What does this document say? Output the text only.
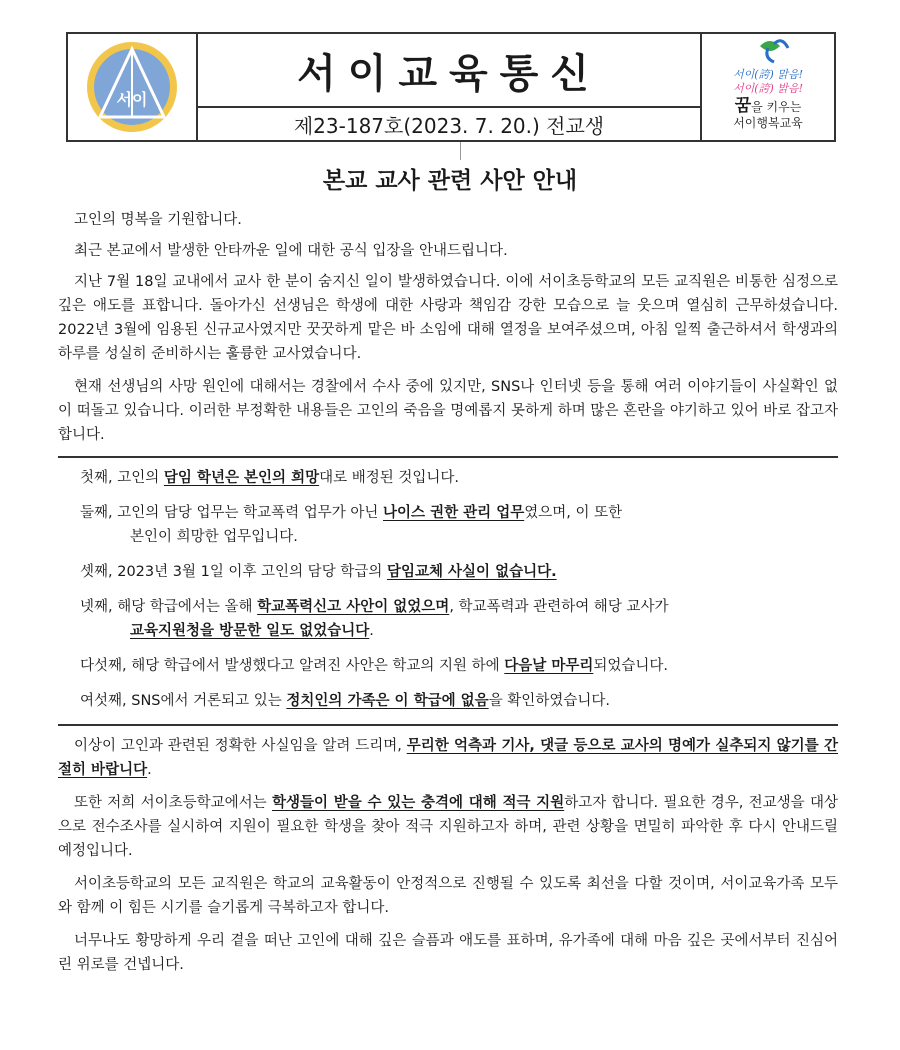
서이
서이교육통신
제23-187호(2023. 7. 20.) 전교생
서이(誇) 맑음!
서이(誇) 밝음!
꿈을 키우는
서이행복교육
본교 교사 관련 사안 안내

고인의 명복을 기원합니다.

최근 본교에서 발생한 안타까운 일에 대한 공식 입장을 안내드립니다.

지난 7월 18일 교내에서 교사 한 분이 숨지신 일이 발생하였습니다. 이에 서이초등학교의 모든 교직원은 비통한 심정으로 깊은 애도를 표합니다. 돌아가신 선생님은 학생에 대한 사랑과 책임감 강한 모습으로 늘 웃으며 열심히 근무하셨습니다. 2022년 3월에 임용된 신규교사였지만 꿋꿋하게 맡은 바 소임에 대해 열정을 보여주셨으며, 아침 일찍 출근하셔서 학생과의 하루를 성실히 준비하시는 훌륭한 교사였습니다.

현재 선생님의 사망 원인에 대해서는 경찰에서 수사 중에 있지만, SNS나 인터넷 등을 통해 여러 이야기들이 사실확인 없이 떠돌고 있습니다. 이러한 부정확한 내용들은 고인의 죽음을 명예롭지 못하게 하며 많은 혼란을 야기하고 있어 바로 잡고자 합니다.

첫째, 고인의 담임 학년은 본인의 희망대로 배정된 것입니다.
둘째, 고인의 담당 업무는 학교폭력 업무가 아닌 나이스 권한 관리 업무였으며, 이 또한
본인이 희망한 업무입니다.
셋째, 2023년 3월 1일 이후 고인의 담당 학급의 담임교체 사실이 없습니다.
넷째, 해당 학급에서는 올해 학교폭력신고 사안이 없었으며, 학교폭력과 관련하여 해당 교사가
교육지원청을 방문한 일도 없었습니다.
다섯째, 해당 학급에서 발생했다고 알려진 사안은 학교의 지원 하에 다음날 마무리되었습니다.
여섯째, SNS에서 거론되고 있는 정치인의 가족은 이 학급에 없음을 확인하였습니다.

이상이 고인과 관련된 정확한 사실임을 알려 드리며, 무리한 억측과 기사, 댓글 등으로 교사의 명예가 실추되지 않기를 간절히 바랍니다.

또한 저희 서이초등학교에서는 학생들이 받을 수 있는 충격에 대해 적극 지원하고자 합니다. 필요한 경우, 전교생을 대상으로 전수조사를 실시하여 지원이 필요한 학생을 찾아 적극 지원하고자 하며, 관련 상황을 면밀히 파악한 후 다시 안내드릴 예정입니다.

서이초등학교의 모든 교직원은 학교의 교육활동이 안정적으로 진행될 수 있도록 최선을 다할 것이며, 서이교육가족 모두와 함께 이 힘든 시기를 슬기롭게 극복하고자 합니다.

너무나도 황망하게 우리 곁을 떠난 고인에 대해 깊은 슬픔과 애도를 표하며, 유가족에 대해 마음 깊은 곳에서부터 진심어린 위로를 건넵니다.
